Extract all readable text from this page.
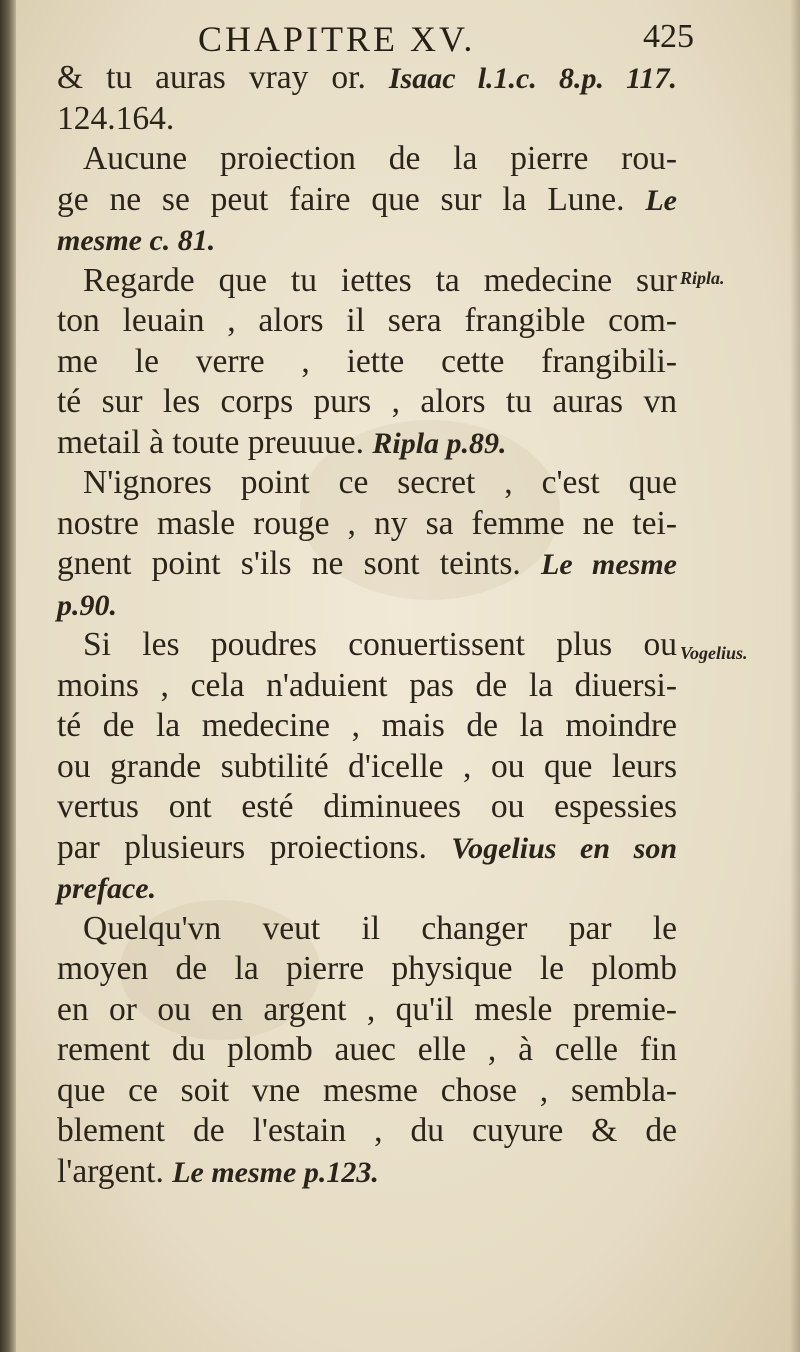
CHAPITRE XV.	425
Ripla.
Vogelius.
& tu auras vray or. Isaac l.1.c. 8.p. 117.
124.164.
Aucune proiection de la pierre rou-
ge ne se peut faire que sur la Lune. Le
mesme c. 81.
Regarde que tu iettes ta medecine sur
ton leuain , alors il sera frangible com-
me le verre , iette cette frangibili-
té sur les corps purs , alors tu auras vn
metail à toute preuuue. Ripla p.89.
N'ignores point ce secret , c'est que
nostre masle rouge , ny sa femme ne tei-
gnent point s'ils ne sont teints. Le mesme
p.90.
Si les poudres conuertissent plus ou
moins , cela n'aduient pas de la diuersi-
té de la medecine , mais de la moindre
ou grande subtilité d'icelle , ou que leurs
vertus ont esté diminuees ou espessies
par plusieurs proiections. Vogelius en son
preface.
Quelqu'vn veut il changer par le
moyen de la pierre physique le plomb
en or ou en argent , qu'il mesle premie-
rement du plomb auec elle , à celle fin
que ce soit vne mesme chose , sembla-
blement de l'estain , du cuyure & de
l'argent. Le mesme p.123.
